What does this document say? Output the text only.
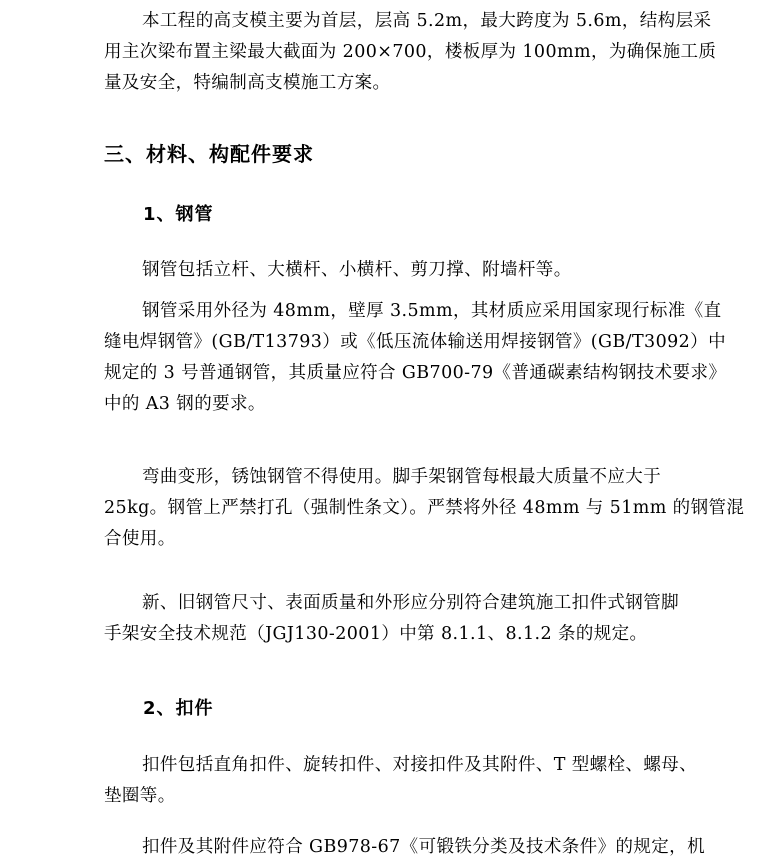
本工程的高支模主要为首层，层高 5.2m，最大跨度为 5.6m，结构层采
用主次梁布置主梁最大截面为 200×700，楼板厚为 100mm，为确保施工质
量及安全，特编制高支模施工方案。
三、材料、构配件要求
1、钢管
钢管包括立杆、大横杆、小横杆、剪刀撑、附墙杆等。
钢管采用外径为 48mm，壁厚 3.5mm，其材质应采用国家现行标准《直
缝电焊钢管》(GB/T13793）或《低压流体输送用焊接钢管》(GB/T3092）中
规定的 3 号普通钢管，其质量应符合 GB700-79《普通碳素结构钢技术要求》
中的 A3 钢的要求。
弯曲变形，锈蚀钢管不得使用。脚手架钢管每根最大质量不应大于
25kg。钢管上严禁打孔（强制性条文）。严禁将外径 48mm 与 51mm 的钢管混
合使用。
新、旧钢管尺寸、表面质量和外形应分别符合建筑施工扣件式钢管脚
手架安全技术规范（JGJ130-2001）中第 8.1.1、8.1.2 条的规定。
2、扣件
扣件包括直角扣件、旋转扣件、对接扣件及其附件、T 型螺栓、螺母、
垫圈等。
扣件及其附件应符合 GB978-67《可锻铁分类及技术条件》的规定，机
